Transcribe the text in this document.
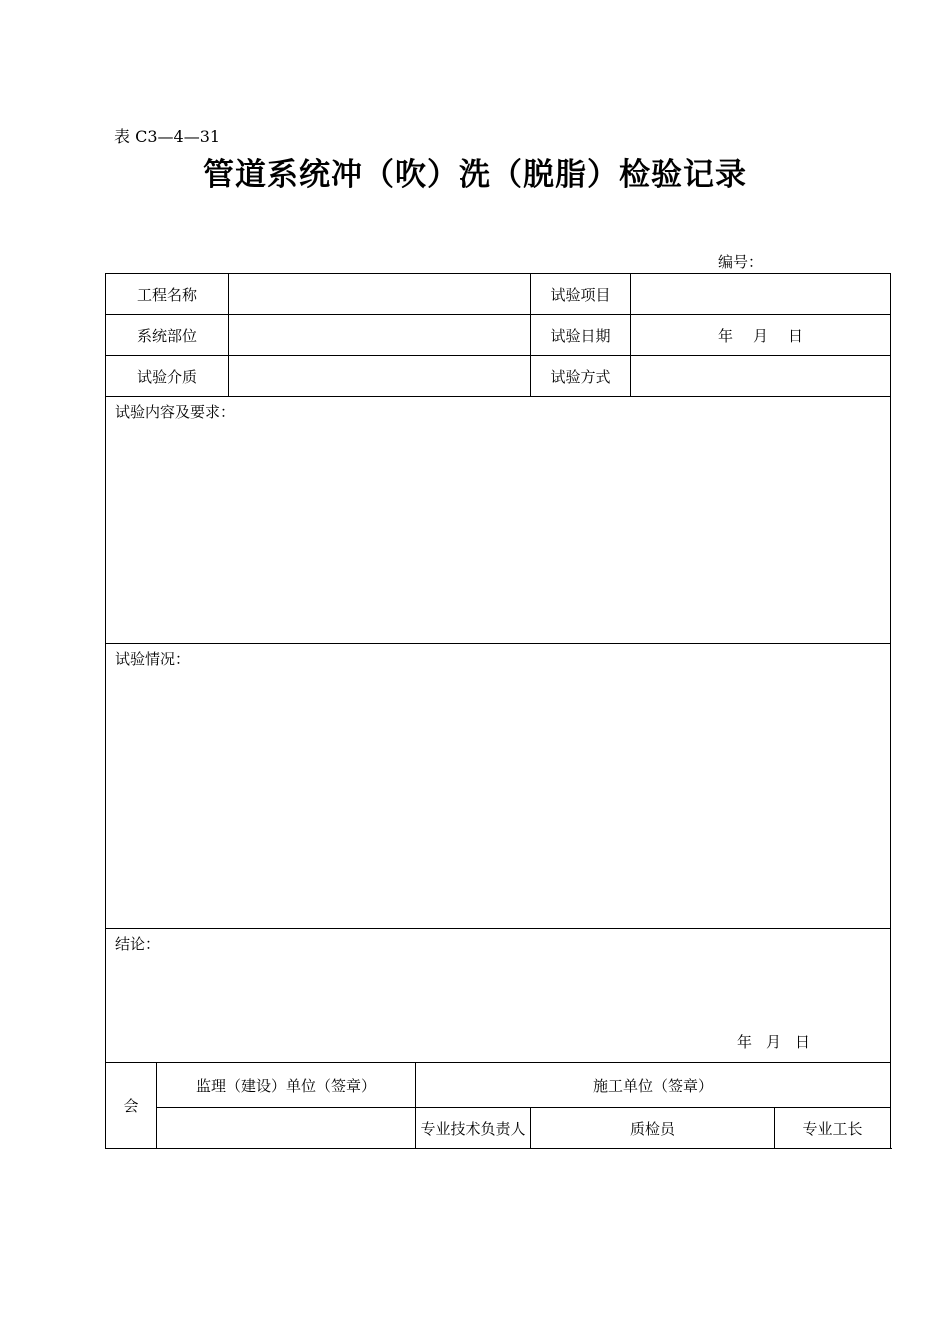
表 C3—4—31
管道系统冲（吹）洗（脱脂）检验记录
编号：
工程名称				试验项目		
系统部位				试验日期	年 月 日	
试验介质				试验方式		

试验内容及要求：						

试验情况：						

结论：
年 月 日						

会	监理（建设）单位（签章）		施工单位（签章）			
			专业技术负责人	质检员		专业工长
